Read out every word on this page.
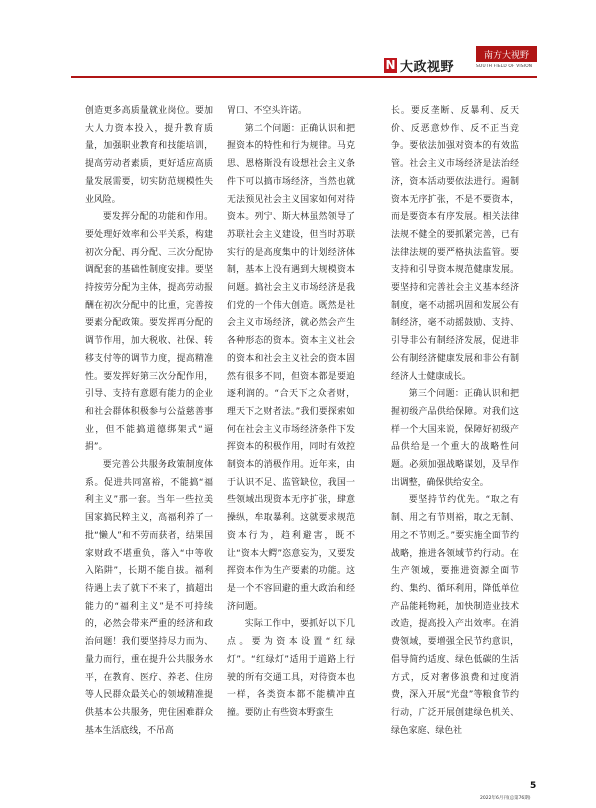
N 大政视野
南方大视野
SOUTH FIELD OF VISION

创造更多高质量就业岗位。要加大人力资本投入，提升教育质量，加强职业教育和技能培训，提高劳动者素质，更好适应高质量发展需要，切实防范规模性失业风险。

要发挥分配的功能和作用。要处理好效率和公平关系，构建初次分配、再分配、三次分配协调配套的基础性制度安排。要坚持按劳分配为主体，提高劳动报酬在初次分配中的比重，完善按要素分配政策。要发挥再分配的调节作用，加大税收、社保、转移支付等的调节力度，提高精准性。要发挥好第三次分配作用，引导、支持有意愿有能力的企业和社会群体积极参与公益慈善事业，但不能搞道德绑架式“逼捐”。

要完善公共服务政策制度体系。促进共同富裕，不能搞“福利主义”那一套。当年一些拉美国家搞民粹主义，高福利养了一批“懒人”和不劳而获者，结果国家财政不堪重负，落入“中等收入陷阱”，长期不能自拔。福利待遇上去了就下不来了，搞超出能力的“福利主义”是不可持续的，必然会带来严重的经济和政治问题！我们要坚持尽力而为、量力而行，重在提升公共服务水平，在教育、医疗、养老、住房等人民群众最关心的领域精准提供基本公共服务，兜住困难群众基本生活底线，不吊高

胃口、不空头许诺。

第二个问题：正确认识和把握资本的特性和行为规律。马克思、恩格斯没有设想社会主义条件下可以搞市场经济，当然也就无法预见社会主义国家如何对待资本。列宁、斯大林虽然领导了苏联社会主义建设，但当时苏联实行的是高度集中的计划经济体制，基本上没有遇到大规模资本问题。搞社会主义市场经济是我们党的一个伟大创造。既然是社会主义市场经济，就必然会产生各种形态的资本。资本主义社会的资本和社会主义社会的资本固然有很多不同，但资本都是要追逐利润的。“合天下之众者财，理天下之财者法。”我们要探索如何在社会主义市场经济条件下发挥资本的积极作用，同时有效控制资本的消极作用。近年来，由于认识不足、监管缺位，我国一些领域出现资本无序扩张，肆意操纵，牟取暴利。这就要求规范资本行为，趋利避害，既不让“资本大鳄”恣意妄为，又要发挥资本作为生产要素的功能。这是一个不容回避的重大政治和经济问题。

实际工作中，要抓好以下几点。要为资本设置“红绿灯”。“红绿灯”适用于道路上行驶的所有交通工具，对待资本也一样，各类资本都不能横冲直撞。要防止有些资本野蛮生

长。要反垄断、反暴利、反天价、反恶意炒作、反不正当竞争。要依法加强对资本的有效监管。社会主义市场经济是法治经济，资本活动要依法进行。遏制资本无序扩张，不是不要资本，而是要资本有序发展。相关法律法规不健全的要抓紧完善，已有法律法规的要严格执法监管。要支持和引导资本规范健康发展。要坚持和完善社会主义基本经济制度，毫不动摇巩固和发展公有制经济，毫不动摇鼓励、支持、引导非公有制经济发展，促进非公有制经济健康发展和非公有制经济人士健康成长。

第三个问题：正确认识和把握初级产品供给保障。对我们这样一个大国来说，保障好初级产品供给是一个重大的战略性问题。必须加强战略谋划，及早作出调整，确保供给安全。

要坚持节约优先。“取之有制、用之有节则裕，取之无制、用之不节则乏。”要实施全面节约战略，推进各领域节约行动。在生产领域，要推进资源全面节约、集约、循环利用，降低单位产品能耗物耗，加快制造业技术改造，提高投入产出效率。在消费领域，要增强全民节约意识，倡导简约适度、绿色低碳的生活方式，反对奢侈浪费和过度消费，深入开展“光盘”等粮食节约行动，广泛开展创建绿色机关、绿色家庭、绿色社

5
2022年6月刊(总第76期)
